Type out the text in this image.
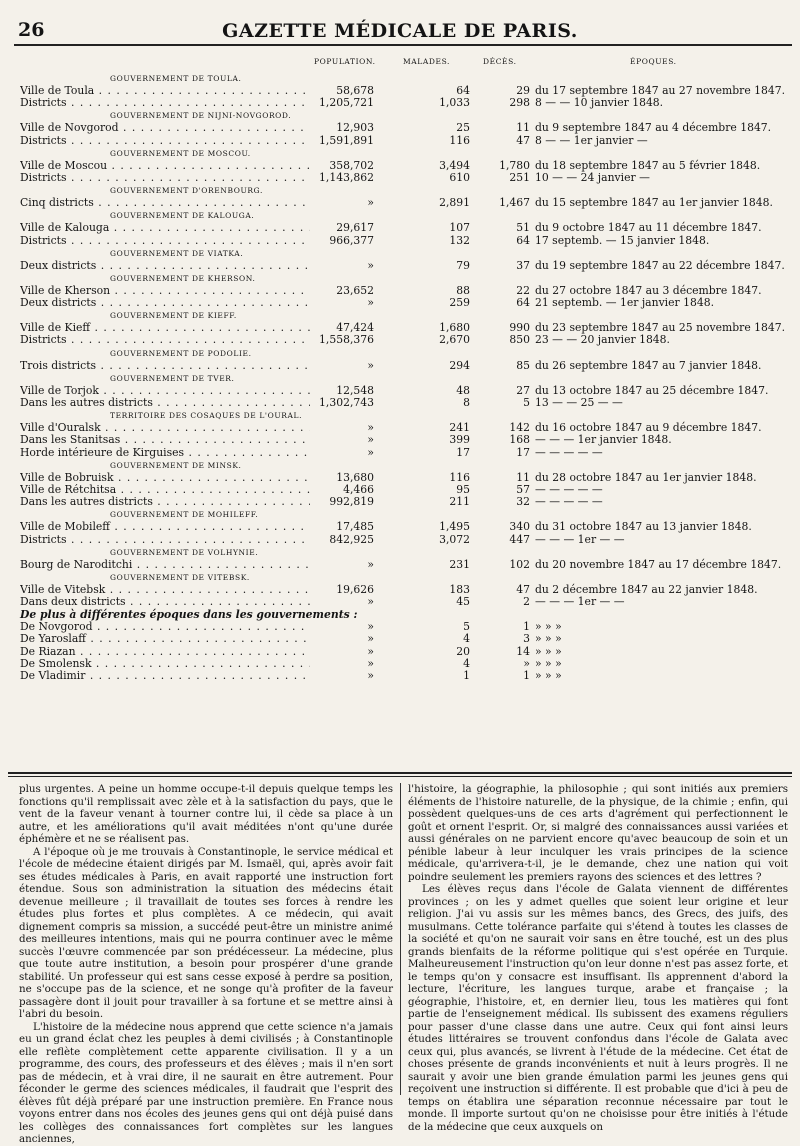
26	GAZETTE MÉDICALE DE PARIS.
POPULATION.	MALADES.	DÉCÈS.	ÉPOQUES.
GOUVERNEMENT DE TOULA.
Ville de Toula . . .	58,678	64	29 du 17 septembre 1847 au 27 novembre 1847.
Districts . . .	1,205,721	1,033	298 8 — — 10 janvier 1848.
GOUVERNEMENT DE NIJNI-NOVGOROD.
Ville de Novgorod . . .	12,903	25	11 du 9 septembre 1847 au 4 décembre 1847.
Districts . . .	1,591,891	116	47 8 — — 1er janvier —
GOUVERNEMENT DE MOSCOU.
Ville de Moscou . . .	358,702	3,494	1,780 du 18 septembre 1847 au 5 février 1848.
Districts . . .	1,143,862	610	251 10 — — 24 janvier —
GOUVERNEMENT D'ORENBOURG.
Cinq districts . . .	»	2,891	1,467 du 15 septembre 1847 au 1er janvier 1848.
GOUVERNEMENT DE KALOUGA.
Ville de Kalouga . . .	29,617	107	51 du 9 octobre 1847 au 11 décembre 1847.
Districts . . .	966,377	132	64 17 septemb. — 15 janvier 1848.
GOUVERNEMENT DE VIATKA.
Deux districts . . .	»	79	37 du 19 septembre 1847 au 22 décembre 1847.
GOUVERNEMENT DE KHERSON.
Ville de Kherson . . .	23,652	88	22 du 27 octobre 1847 au 3 décembre 1847.
Deux districts . . .	»	259	64 21 septemb. — 1er janvier 1848.
GOUVERNEMENT DE KIEFF.
Ville de Kieff . . .	47,424	1,680	990 du 23 septembre 1847 au 25 novembre 1847.
Districts . . .	1,558,376	2,670	850 23 — — 20 janvier 1848.
GOUVERNEMENT DE PODOLIE.
Trois districts . . .	»	294	85 du 26 septembre 1847 au 7 janvier 1848.
GOUVERNEMENT DE TVER.
Ville de Torjok . . .	12,548	48	27 du 13 octobre 1847 au 25 décembre 1847.
Dans les autres districts . . .	1,302,743	8	5 13 — — 25 — —
TERRITOIRE DES COSAQUES DE L'OURAL.
Ville d'Ouralsk . . .	»	241	142 du 16 octobre 1847 au 9 décembre 1847.
Dans les Stanitsas . . .	»	399	168 — — — 1er janvier 1848.
Horde intérieure de Kirguises . . .	»	17	17 — — — — —
GOUVERNEMENT DE MINSK.
Ville de Bobruisk . . .	13,680	116	11 du 28 octobre 1847 au 1er janvier 1848.
Ville de Rétchitsa . . .	4,466	95	57 — — — — —
Dans les autres districts . . .	992,819	211	32 — — — — —
GOUVERNEMENT DE MOHILEFF.
Ville de Mobileff . . .	17,485	1,495	340 du 31 octobre 1847 au 13 janvier 1848.
Districts . . .	842,925	3,072	447 — — — 1er — —
GOUVERNEMENT DE VOLHYNIE.
Bourg de Naroditchi . . .	»	231	102 du 20 novembre 1847 au 17 décembre 1847.
GOUVERNEMENT DE VITEBSK.
Ville de Vitebsk . . .	19,626	183	47 du 2 décembre 1847 au 22 janvier 1848.
Dans deux districts . . .	»	45	2 — — — 1er — —
De plus à différentes époques dans les gouvernements :
De Novgorod . . .	»	5	1 » » »
De Yaroslaff . . .	»	4	3 » » »
De Riazan . . .	»	20	14 » » »
De Smolensk . . .	»	4	» » » »
De Vladimir . . .	»	1	1 » » »

plus urgentes. A peine un homme occupe-t-il depuis quelque temps les fonctions qu'il remplissait avec zèle et à la satisfaction du pays, que le vent de la faveur venant à tourner contre lui, il cède sa place à un autre, et les améliorations qu'il avait méditées n'ont qu'une durée éphémère et ne se réalisent pas.

A l'époque où je me trouvais à Constantinople, le service médical et l'école de médecine étaient dirigés par M. Ismaël, qui, après avoir fait ses études médicales à Paris, en avait rapporté une instruction fort étendue. Sous son administration la situation des médecins était devenue meilleure ; il travaillait de toutes ses forces à rendre les études plus fortes et plus complètes. A ce médecin, qui avait dignement compris sa mission, a succédé peut-être un ministre animé des meilleures intentions, mais qui ne pourra continuer avec le même succès l'œuvre commencée par son prédécesseur. La médecine, plus que toute autre institution, a besoin pour prospérer d'une grande stabilité. Un professeur qui est sans cesse exposé à perdre sa position, ne s'occupe pas de la science, et ne songe qu'à profiter de la faveur passagère dont il jouit pour travailler à sa fortune et se mettre ainsi à l'abri du besoin.

L'histoire de la médecine nous apprend que cette science n'a jamais eu un grand éclat chez les peuples à demi civilisés ; à Constantinople elle reflète complètement cette apparente civilisation. Il y a un programme, des cours, des professeurs et des élèves ; mais il n'en sort pas de médecin, et à vrai dire, il ne saurait en être autrement. Pour féconder le germe des sciences médicales, il faudrait que l'esprit des élèves fût déjà préparé par une instruction première. En France nous voyons entrer dans nos écoles des jeunes gens qui ont déjà puisé dans les collèges des connaissances fort complètes sur les langues anciennes,

l'histoire, la géographie, la philosophie ; qui sont initiés aux premiers éléments de l'histoire naturelle, de la physique, de la chimie ; enfin, qui possèdent quelques-uns de ces arts d'agrément qui perfectionnent le goût et ornent l'esprit. Or, si malgré des connaissances aussi variées et aussi générales on ne parvient encore qu'avec beaucoup de soin et un pénible labeur à leur inculquer les vrais principes de la science médicale, qu'arrivera-t-il, je le demande, chez une nation qui voit poindre seulement les premiers rayons des sciences et des lettres ?

Les élèves reçus dans l'école de Galata viennent de différentes provinces ; on les y admet quelles que soient leur origine et leur religion. J'ai vu assis sur les mêmes bancs, des Grecs, des juifs, des musulmans. Cette tolérance parfaite qui s'étend à toutes les classes de la société et qu'on ne saurait voir sans en être touché, est un des plus grands bienfaits de la réforme politique qui s'est opérée en Turquie. Malheureusement l'instruction qu'on leur donne n'est pas assez forte, et le temps qu'on y consacre est insuffisant. Ils apprennent d'abord la lecture, l'écriture, les langues turque, arabe et française ; la géographie, l'histoire, et, en dernier lieu, tous les matières qui font partie de l'enseignement médical. Ils subissent des examens réguliers pour passer d'une classe dans une autre. Ceux qui font ainsi leurs études littéraires se trouvent confondus dans l'école de Galata avec ceux qui, plus avancés, se livrent à l'étude de la médecine. Cet état de choses présente de grands inconvénients et nuit à leurs progrès. Il ne saurait y avoir une bien grande émulation parmi les jeunes gens qui reçoivent une instruction si différente. Il est probable que d'ici à peu de temps on établira une séparation reconnue nécessaire par tout le monde. Il importe surtout qu'on ne choisisse pour être initiés à l'étude de la médecine que ceux auxquels on
